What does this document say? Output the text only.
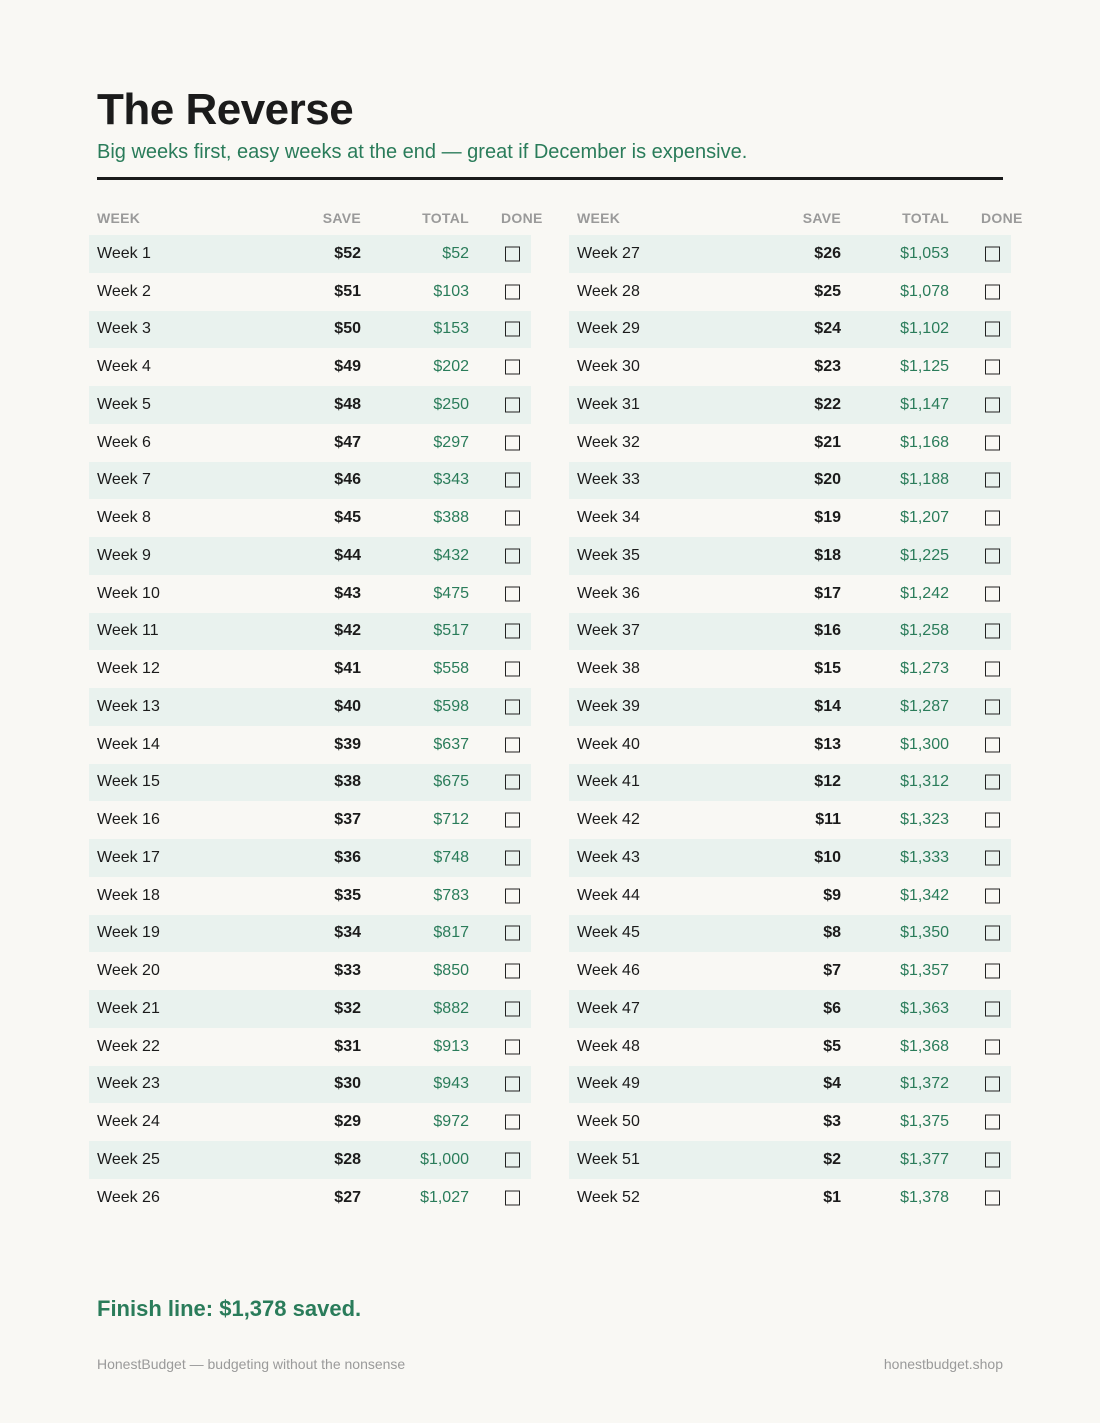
The Reverse
Big weeks first, easy weeks at the end — great if December is expensive.
WEEK	SAVE	TOTAL DONE
Week 1	$52	$52
Week 2	$51	$103
Week 3	$50	$153
Week 4	$49	$202
Week 5	$48	$250
Week 6	$47	$297
Week 7	$46	$343
Week 8	$45	$388
Week 9	$44	$432
Week 10	$43	$475
Week 11	$42	$517
Week 12	$41	$558
Week 13	$40	$598
Week 14	$39	$637
Week 15	$38	$675
Week 16	$37	$712
Week 17	$36	$748
Week 18	$35	$783
Week 19	$34	$817
Week 20	$33	$850
Week 21	$32	$882
Week 22	$31	$913
Week 23	$30	$943
Week 24	$29	$972
Week 25	$28	$1,000
Week 26	$27	$1,027
WEEK	SAVE	TOTAL DONE
Week 27	$26	$1,053
Week 28	$25	$1,078
Week 29	$24	$1,102
Week 30	$23	$1,125
Week 31	$22	$1,147
Week 32	$21	$1,168
Week 33	$20	$1,188
Week 34	$19	$1,207
Week 35	$18	$1,225
Week 36	$17	$1,242
Week 37	$16	$1,258
Week 38	$15	$1,273
Week 39	$14	$1,287
Week 40	$13	$1,300
Week 41	$12	$1,312
Week 42	$11	$1,323
Week 43	$10	$1,333
Week 44	$9	$1,342
Week 45	$8	$1,350
Week 46	$7	$1,357
Week 47	$6	$1,363
Week 48	$5	$1,368
Week 49	$4	$1,372
Week 50	$3	$1,375
Week 51	$2	$1,377
Week 52	$1	$1,378
Finish line: $1,378 saved.
HonestBudget — budgeting without the nonsense	honestbudget.shop
